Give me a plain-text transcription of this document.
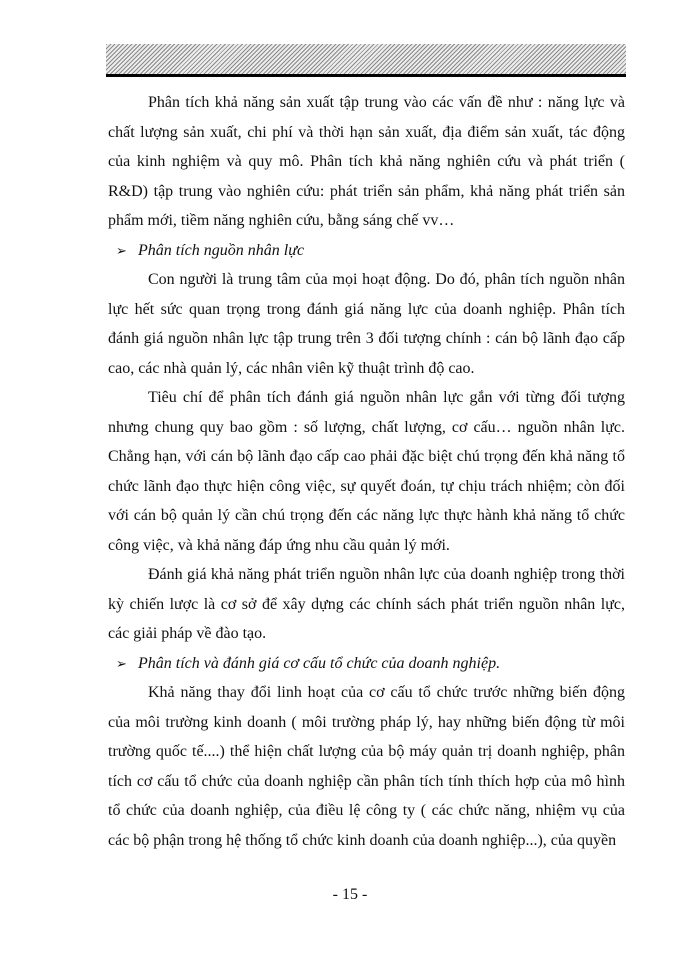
Phân tích khả năng sản xuất tập trung vào các vấn đề như : năng lực và chất lượng sản xuất, chi phí và thời hạn sản xuất, địa điểm sản xuất, tác động của kinh nghiệm và quy mô. Phân tích khả năng nghiên cứu và phát triển ( R&D) tập trung vào nghiên cứu: phát triển sản phẩm, khả năng phát triển sản phẩm mới, tiềm năng nghiên cứu, bằng sáng chế vv…

➢ Phân tích nguồn nhân lực

Con người là trung tâm của mọi hoạt động. Do đó, phân tích nguồn nhân lực hết sức quan trọng trong đánh giá năng lực của doanh nghiệp. Phân tích đánh giá nguồn nhân lực tập trung trên 3 đối tượng chính : cán bộ lãnh đạo cấp cao, các nhà quản lý, các nhân viên kỹ thuật trình độ cao.

Tiêu chí để phân tích đánh giá nguồn nhân lực gắn với từng đối tượng nhưng chung quy bao gồm : số lượng, chất lượng, cơ cấu… nguồn nhân lực. Chẳng hạn, với cán bộ lãnh đạo cấp cao phải đặc biệt chú trọng đến khả năng tổ chức lãnh đạo thực hiện công việc, sự quyết đoán, tự chịu trách nhiệm; còn đối với cán bộ quản lý cần chú trọng đến các năng lực thực hành khả năng tổ chức công việc, và khả năng đáp ứng nhu cầu quản lý mới.

Đánh giá khả năng phát triển nguồn nhân lực của doanh nghiệp trong thời kỳ chiến lược là cơ sở để xây dựng các chính sách phát triển nguồn nhân lực, các giải pháp về đào tạo.

➢ Phân tích và đánh giá cơ cấu tổ chức của doanh nghiệp.

Khả năng thay đổi linh hoạt của cơ cấu tổ chức trước những biến động của môi trường kinh doanh ( môi trường pháp lý, hay những biến động từ môi trường quốc tế....) thể hiện chất lượng của bộ máy quản trị doanh nghiệp, phân tích cơ cấu tổ chức của doanh nghiệp cần phân tích tính thích hợp của mô hình tổ chức của doanh nghiệp, của điều lệ công ty ( các chức năng, nhiệm vụ của các bộ phận trong hệ thống tổ chức kinh doanh của doanh nghiệp...), của quyền

- 15 -
